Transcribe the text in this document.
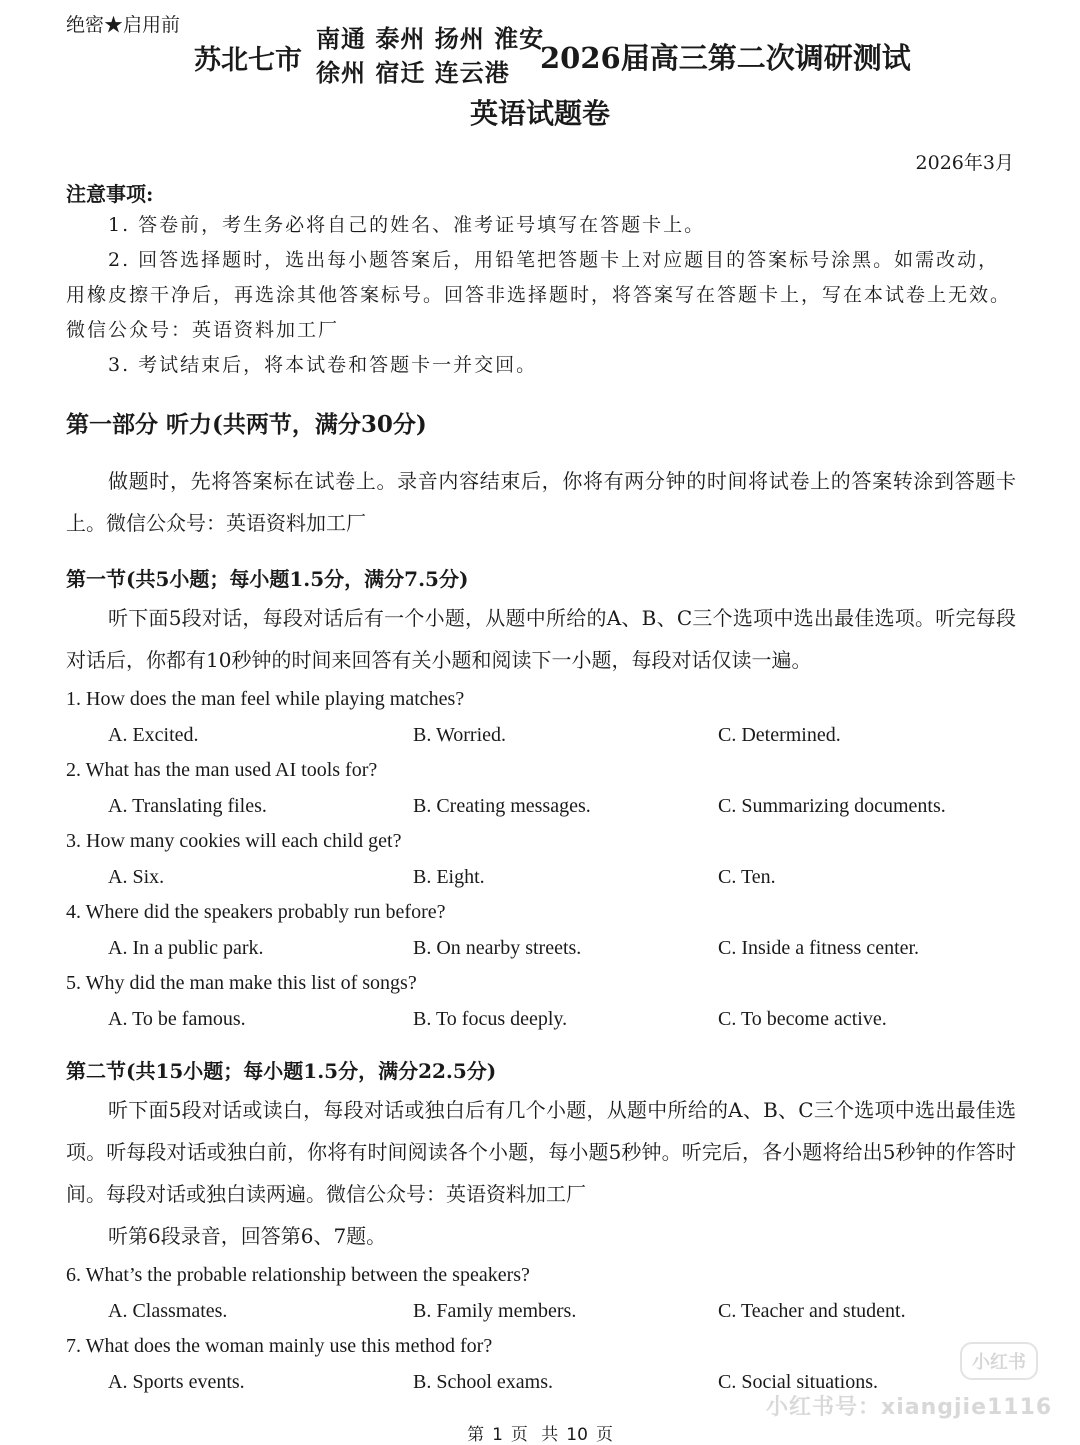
绝密★启用前
苏北七市
南通 泰州 扬州 淮安
徐州 宿迁 连云港	2026届高三第二次调研测试
英语试题卷
2026年3月
注意事项:

1. 答卷前，考生务必将自己的姓名、准考证号填写在答题卡上。

2. 回答选择题时，选出每小题答案后，用铅笔把答题卡上对应题目的答案标号涂黑。如需改动，用橡皮擦干净后，再选涂其他答案标号。回答非选择题时，将答案写在答题卡上，写在本试卷上无效。微信公众号：英语资料加工厂

3. 考试结束后，将本试卷和答题卡一并交回。

第一部分 听力(共两节，满分30分)

做题时，先将答案标在试卷上。录音内容结束后，你将有两分钟的时间将试卷上的答案转涂到答题卡上。微信公众号：英语资料加工厂

第一节(共5小题；每小题1.5分，满分7.5分)

听下面5段对话，每段对话后有一个小题，从题中所给的A、B、C三个选项中选出最佳选项。听完每段对话后，你都有10秒钟的时间来回答有关小题和阅读下一小题，每段对话仅读一遍。

1. How does the man feel while playing matches?
A. Excited.	B. Worried.	C. Determined.
2. What has the man used AI tools for?
A. Translating files.	B. Creating messages.	C. Summarizing documents.
3. How many cookies will each child get?
A. Six.	B. Eight.	C. Ten.
4. Where did the speakers probably run before?
A. In a public park.	B. On nearby streets.	C. Inside a fitness center.
5. Why did the man make this list of songs?
A. To be famous.	B. To focus deeply.	C. To become active.
第二节(共15小题；每小题1.5分，满分22.5分)

听下面5段对话或读白，每段对话或独白后有几个小题，从题中所给的A、B、C三个选项中选出最佳选项。听每段对话或独白前，你将有时间阅读各个小题，每小题5秒钟。听完后，各小题将给出5秒钟的作答时间。每段对话或独白读两遍。微信公众号：英语资料加工厂

听第6段录音，回答第6、7题。

6. What’s the probable relationship between the speakers?
A. Classmates.	B. Family members.	C. Teacher and student.
7. What does the woman mainly use this method for?
A. Sports events.	B. School exams.	C. Social situations.
小红书
小红书号：xiangjie1116
第 1 页 共 10 页
